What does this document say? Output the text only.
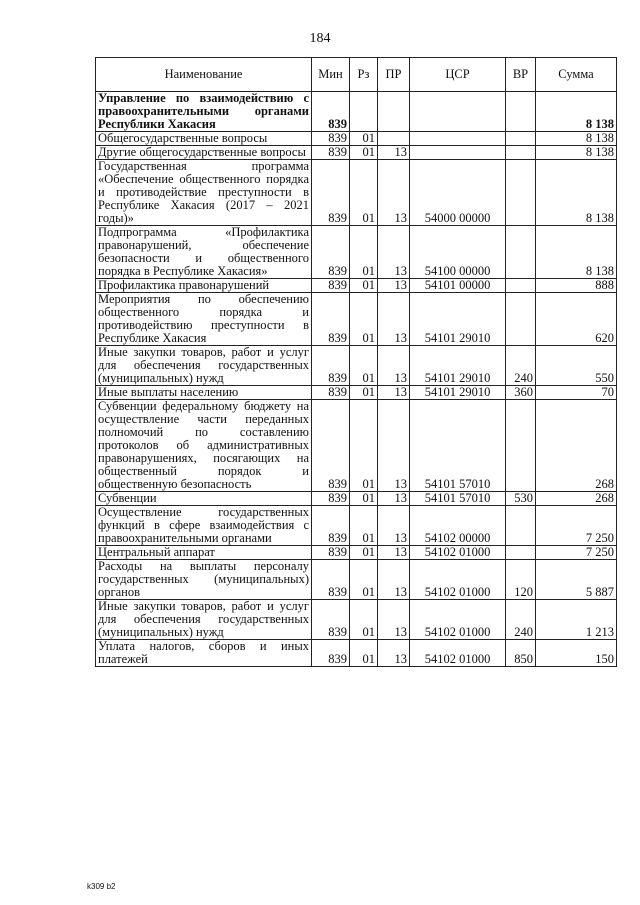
184
Наименование	Мин	Рз	ПР	ЦСР	ВР	Сумма
Управление по взаимодействию с правоохранительными органами Республики Хакасия	839					8 138
Общегосударственные вопросы	839	01				8 138
Другие общегосударственные вопросы	839	01	13			8 138
Государственная программа «Обеспечение общественного порядка и противодействие преступности в Республике Хакасия (2017 – 2021 годы)»	839	01	13	54000 00000		8 138
Подпрограмма «Профилактика правонарушений, обеспечение безопасности и общественного порядка в Республике Хакасия»	839	01	13	54100 00000		8 138
Профилактика правонарушений	839	01	13	54101 00000		888
Мероприятия по обеспечению общественного порядка и противодействию преступности в Республике Хакасия	839	01	13	54101 29010		620
Иные закупки товаров, работ и услуг для обеспечения государственных (муниципальных) нужд	839	01	13	54101 29010	240	550
Иные выплаты населению	839	01	13	54101 29010	360	70
Субвенции федеральному бюджету на осуществление части переданных полномочий по составлению протоколов об административных правонарушениях, посягающих на общественный порядок и общественную безопасность	839	01	13	54101 57010		268
Субвенции	839	01	13	54101 57010	530	268
Осуществление государственных функций в сфере взаимодействия с правоохранительными органами	839	01	13	54102 00000		7 250
Центральный аппарат	839	01	13	54102 01000		7 250
Расходы на выплаты персоналу государственных (муниципальных) органов	839	01	13	54102 01000	120	5 887
Иные закупки товаров, работ и услуг для обеспечения государственных (муниципальных) нужд	839	01	13	54102 01000	240	1 213
Уплата налогов, сборов и иных платежей	839	01	13	54102 01000	850	150
k309 b2
